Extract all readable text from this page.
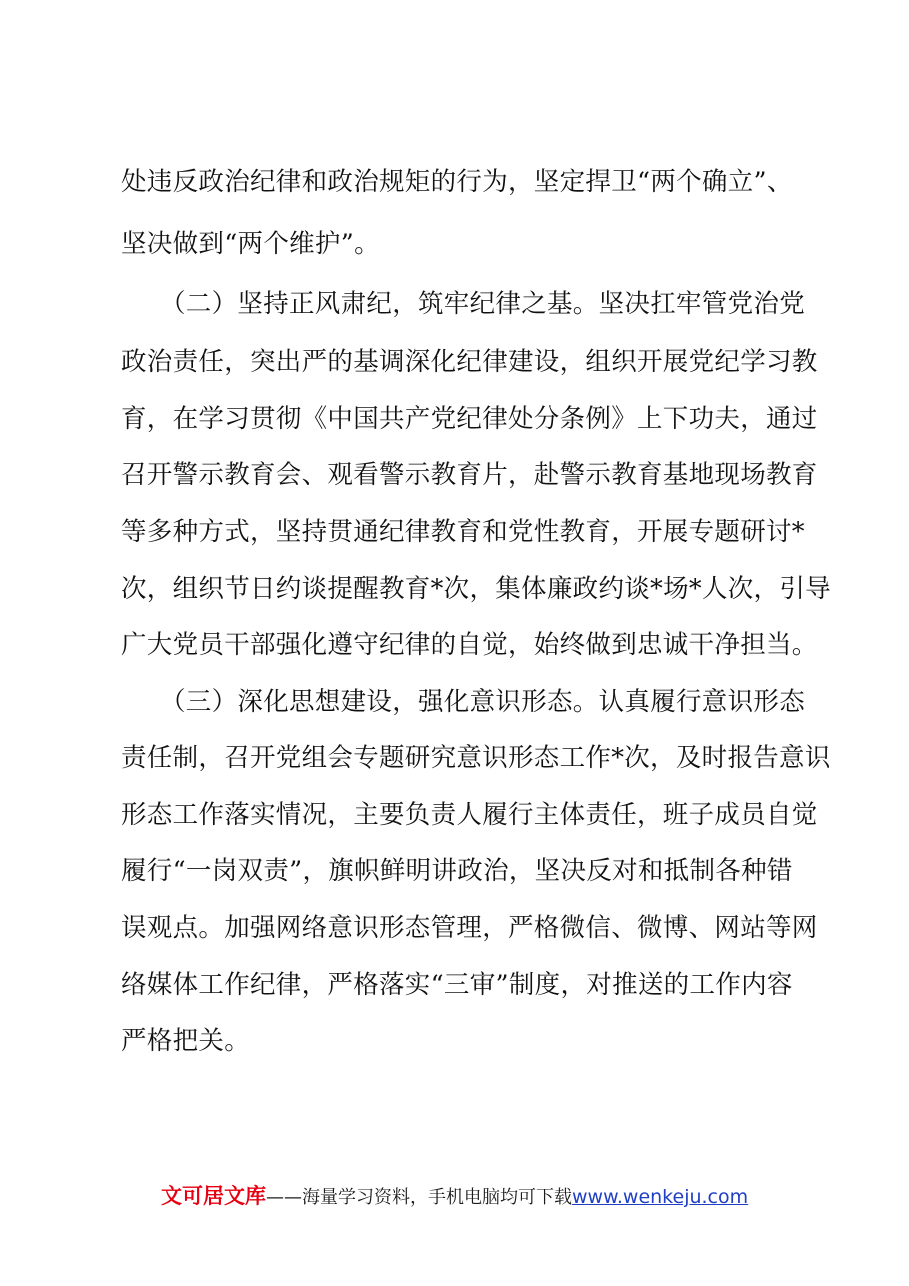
处违反政治纪律和政治规矩的行为，坚定捍卫“两个确立”、
坚决做到“两个维护”。
（二）坚持正风肃纪，筑牢纪律之基。坚决扛牢管党治党
政治责任，突出严的基调深化纪律建设，组织开展党纪学习教
育，在学习贯彻《中国共产党纪律处分条例》上下功夫，通过
召开警示教育会、观看警示教育片，赴警示教育基地现场教育
等多种方式，坚持贯通纪律教育和党性教育，开展专题研讨*
次，组织节日约谈提醒教育*次，集体廉政约谈*场*人次，引导
广大党员干部强化遵守纪律的自觉，始终做到忠诚干净担当。
（三）深化思想建设，强化意识形态。认真履行意识形态
责任制，召开党组会专题研究意识形态工作*次，及时报告意识
形态工作落实情况，主要负责人履行主体责任，班子成员自觉
履行“一岗双责”，旗帜鲜明讲政治，坚决反对和抵制各种错
误观点。加强网络意识形态管理，严格微信、微博、网站等网
络媒体工作纪律，严格落实“三审”制度，对推送的工作内容
严格把关。
文可居文库——海量学习资料，手机电脑均可下载www.wenkeju.com
